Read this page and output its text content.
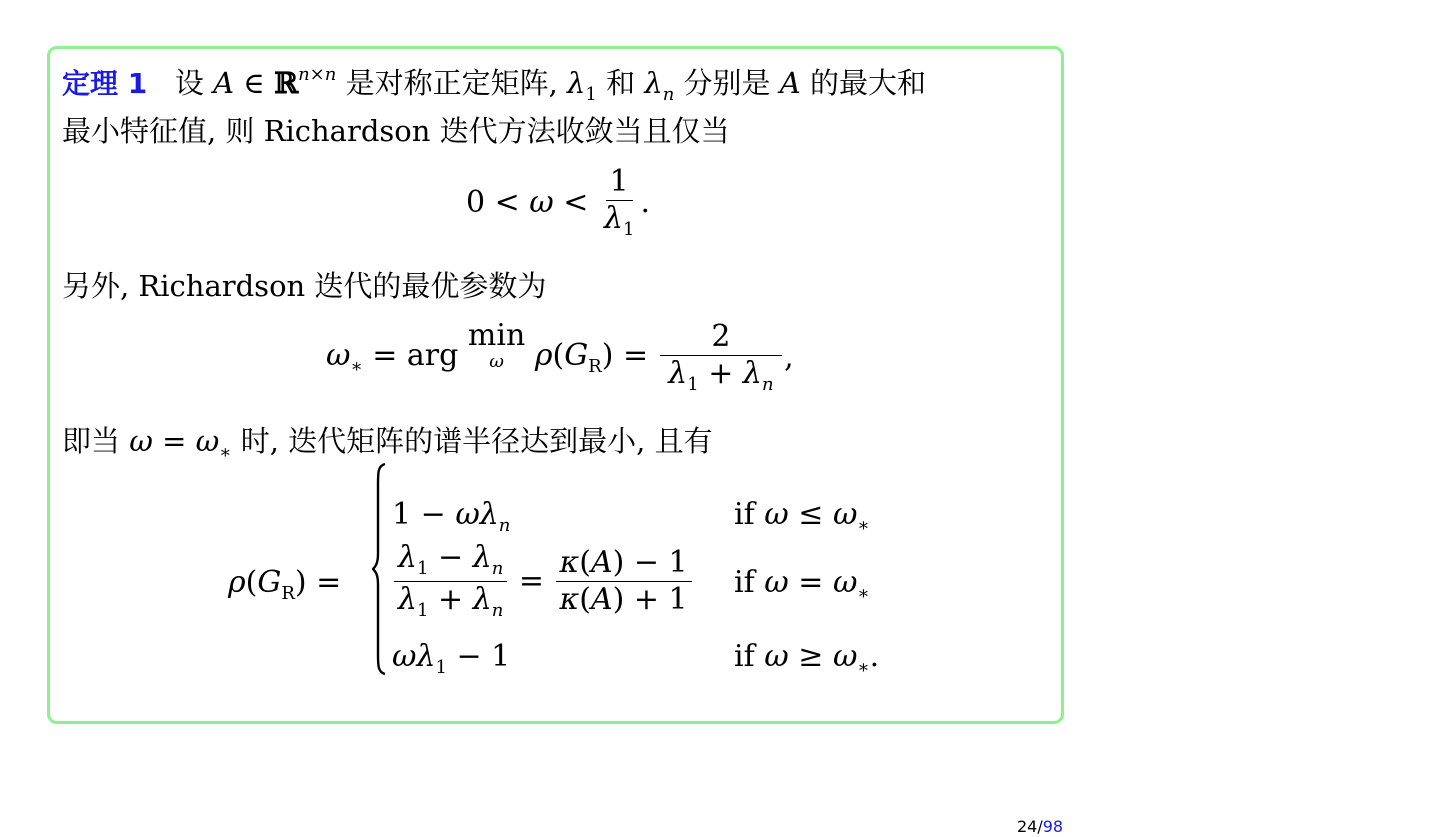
定理 1 设 A ∈ ℝ$^{n\times n}$ 是对称正定矩阵, $\lambda_1$ 和 $\lambda_n$ 分别是 A 的最大和
最小特征值, 则 Richardson 迭代方法收敛当且仅当
$0 < \omega < \frac{1}{\lambda_1}$ .
另外, Richardson 迭代的最优参数为
$\omega_∗$ = arg
min
ω $\rho(G_R) = \frac{2}{\lambda_1 + \lambda_n}$ ,
即当 $\omega = \omega_∗$ 时, 迭代矩阵的谱半径达到最小, 且有
$\rho(G_R)$ =
$1 - \omega\lambda_n$	if $\omega \le \omega_∗$
$\frac{\lambda_1 - \lambda_n}{\lambda_1 + \lambda_n} = \frac{\kappa(A) - 1}{\kappa(A) + 1}$ if $\omega = \omega_∗$
$\omega\lambda_1 - 1$	if $\omega \ge \omega_∗$.
24/98
